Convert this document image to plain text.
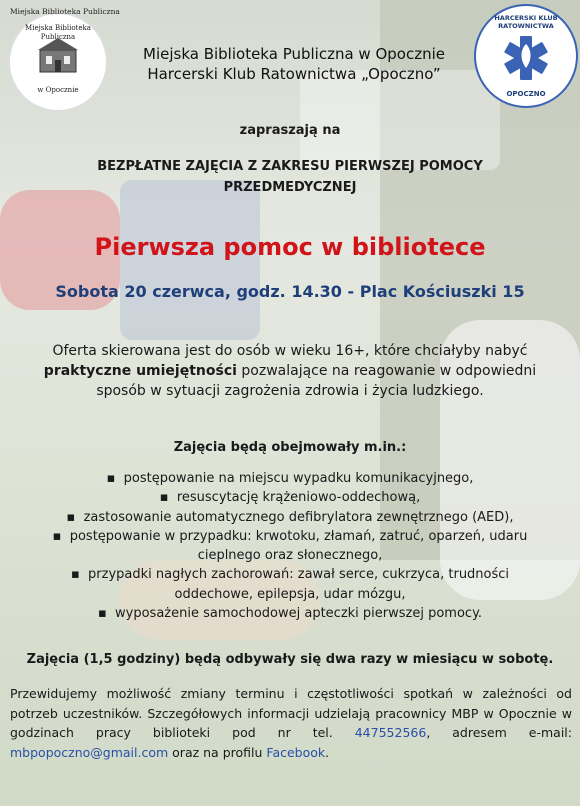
Miejska Biblioteka Publiczna
Miejska Biblioteka Publiczna
w Opocznie
HARCERSKI KLUB RATOWNICTWA
OPOCZNO
Miejska Biblioteka Publiczna w Opocznie
Harcerski Klub Ratownictwa „Opoczno”
zapraszają na
BEZPŁATNE ZAJĘCIA Z ZAKRESU PIERWSZEJ POMOCY
PRZEDMEDYCZNEJ
Pierwsza pomoc w bibliotece
Sobota 20 czerwca, godz. 14.30 - Plac Kościuszki 15
Oferta skierowana jest do osób w wieku 16+, które chciałyby nabyć praktyczne umiejętności pozwalające na reagowanie w odpowiedni sposób w sytuacji zagrożenia zdrowia i życia ludzkiego.
Zajęcia będą obejmowały m.in.:
▪  postępowanie na miejscu wypadku komunikacyjnego,
▪  resuscytację krążeniowo-oddechową,
▪  zastosowanie automatycznego defibrylatora zewnętrznego (AED),
▪  postępowanie w przypadku: krwotoku, złamań, zatruć, oparzeń, udaru cieplnego oraz słonecznego,
▪  przypadki nagłych zachorowań: zawał serce, cukrzyca, trudności oddechowe, epilepsja, udar mózgu,
▪  wyposażenie samochodowej apteczki pierwszej pomocy.
Zajęcia (1,5 godziny) będą odbywały się dwa razy w miesiącu w sobotę.
Przewidujemy możliwość zmiany terminu i częstotliwości spotkań w zależności od potrzeb uczestników. Szczegółowych informacji udzielają pracownicy MBP w Opocznie w godzinach pracy biblioteki pod nr tel. 447552566, adresem e-mail: mbpopoczno@gmail.com oraz na profilu Facebook.
